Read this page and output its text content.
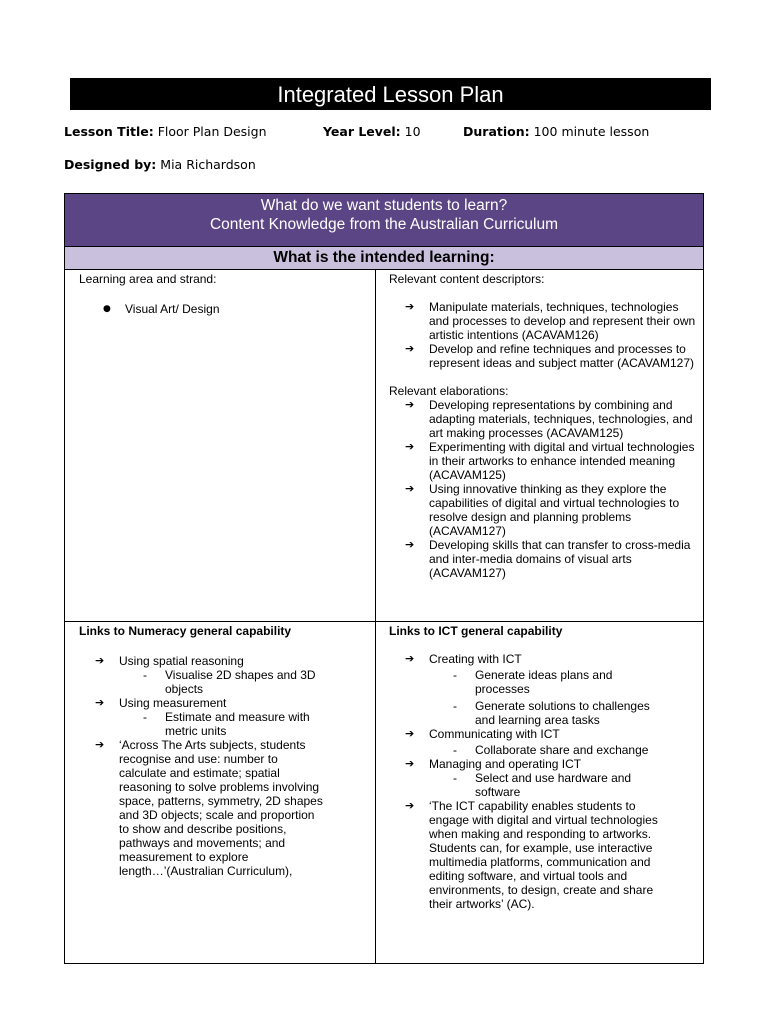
Integrated Lesson Plan
Lesson Title: Floor Plan Design	Year Level: 10	Duration: 100 minute lesson
Designed by: Mia Richardson
What do we want students to learn?
Content Knowledge from the Australian Curriculum
What is the intended learning:
Learning area and strand:
● Visual Art/ Design
Relevant content descriptors:
➔ Manipulate materials, techniques, technologies and processes to develop and represent their own artistic intentions (ACAVAM126)
➔ Develop and refine techniques and processes to represent ideas and subject matter (ACAVAM127)
Relevant elaborations:
➔ Developing representations by combining and adapting materials, techniques, technologies, and art making processes (ACAVAM125)
➔ Experimenting with digital and virtual technologies in their artworks to enhance intended meaning (ACAVAM125)
➔ Using innovative thinking as they explore the capabilities of digital and virtual technologies to resolve design and planning problems (ACAVAM127)
➔ Developing skills that can transfer to cross-media and inter-media domains of visual arts (ACAVAM127)
Links to Numeracy general capability
➔ Using spatial reasoning
- Visualise 2D shapes and 3D objects
➔ Using measurement
- Estimate and measure with metric units
➔ ‘Across The Arts subjects, students recognise and use: number to calculate and estimate; spatial reasoning to solve problems involving space, patterns, symmetry, 2D shapes and 3D objects; scale and proportion to show and describe positions, pathways and movements; and measurement to explore length…’(Australian Curriculum),
Links to ICT general capability
➔ Creating with ICT
- Generate ideas plans and processes
- Generate solutions to challenges and learning area tasks
➔ Communicating with ICT
- Collaborate share and exchange
➔ Managing and operating ICT
- Select and use hardware and software
➔ ‘The ICT capability enables students to engage with digital and virtual technologies when making and responding to artworks. Students can, for example, use interactive multimedia platforms, communication and editing software, and virtual tools and environments, to design, create and share their artworks’ (AC).
